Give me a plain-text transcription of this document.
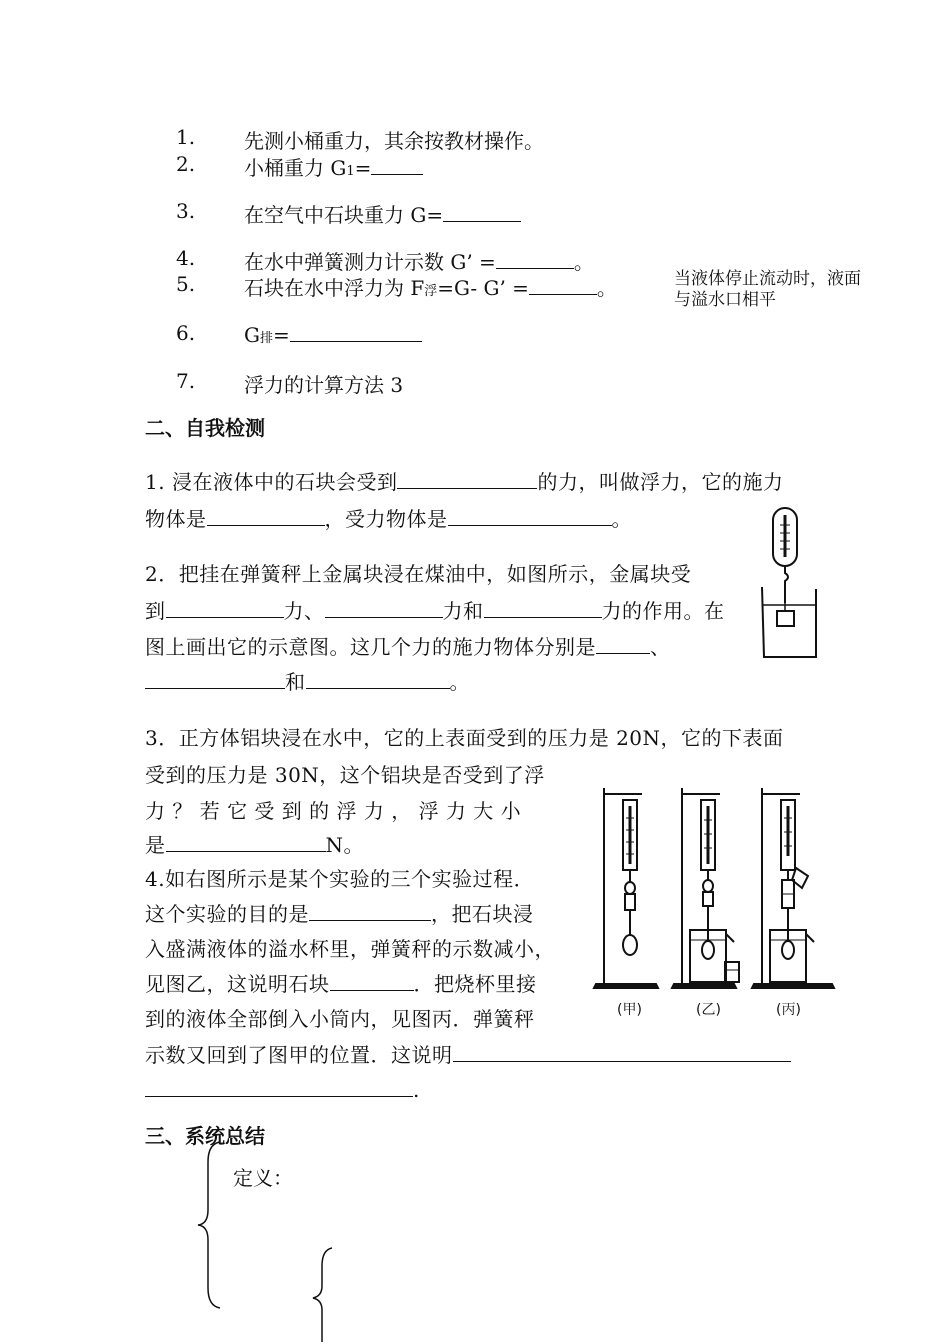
1. 先测小桶重力，其余按教材操作。
2. 小桶重力 G1=
3. 在空气中石块重力 G=
4. 在水中弹簧测力计示数 G’ =	。
5. 石块在水中浮力为 F浮=G- G’ =	。	当液体停止流动时，液面
与溢水口相平
6. G排=
7. 浮力的计算方法 3
二、自我检测
1. 浸在液体中的石块会受到	的力，叫做浮力，它的施力
物体是	，受力物体是	。
2．把挂在弹簧秤上金属块浸在煤油中，如图所示，金属块受
到	力、	力和	力的作用。在
图上画出它的示意图。这几个力的施力物体分别是	、
和	。
3．正方体铝块浸在水中，它的上表面受到的压力是 20N，它的下表面
受到的压力是 30N，这个铝块是否受到了浮
力 ？ 若 它 受 到 的 浮 力 ， 浮 力 大 小
是	N。
4.如右图所示是某个实验的三个实验过程．
这个实验的目的是	，把石块浸
入盛满液体的溢水杯里，弹簧秤的示数减小，
见图乙，这说明石块	．把烧杯里接
到的液体全部倒入小筒内，见图丙．弹簧秤
示数又回到了图甲的位置．这说明
.
(甲)	(乙)	(丙)
三、系统总结
定义：
